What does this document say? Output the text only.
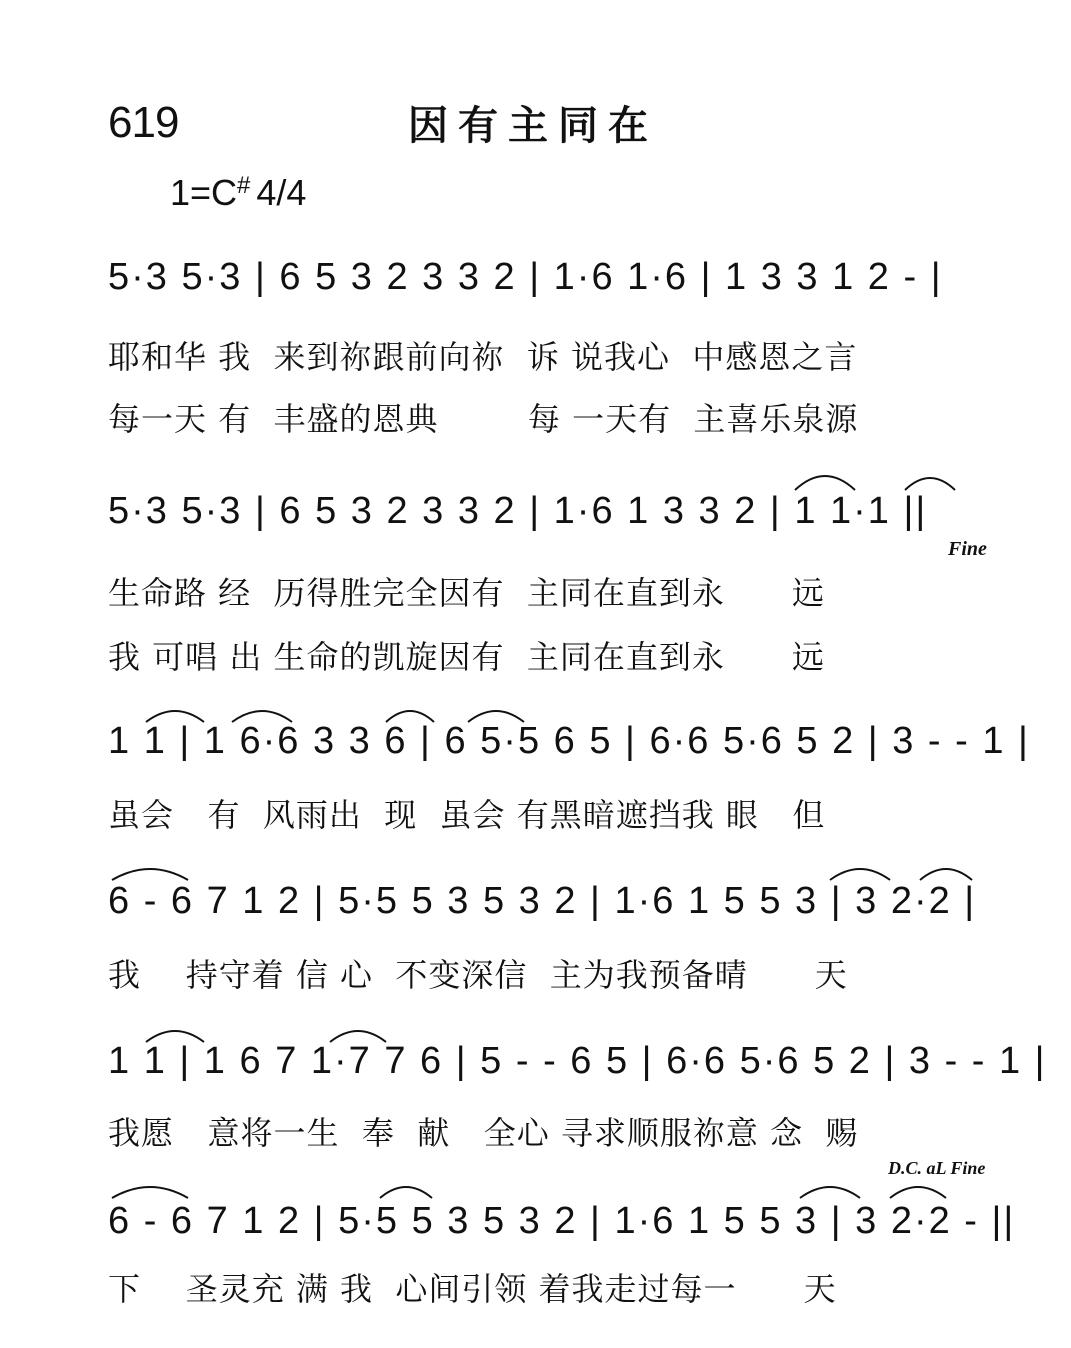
619	因有主同在
1=C# 4/4
5·3 5·3 | 6 5 3 2 3 3 2 | 1·6 1·6 | 1 3 3 1 2 - |
耶和华 我  来到祢跟前向祢  诉 说我心  中感恩之言
每一天 有  丰盛的恩典        每 一天有  主喜乐泉源
5·3 5·3 | 6 5 3 2 3 3 2 | 1·6 1 3 3 2 | 1 1·1 ||
Fine
生命路 经  历得胜完全因有  主同在直到永      远
我 可唱 出 生命的凯旋因有  主同在直到永      远
1 1 | 1 6·6 3 3 6 | 6 5·5 6 5 | 6·6 5·6 5 2 | 3 - - 1 |
虽会   有  风雨出  现  虽会 有黑暗遮挡我 眼   但
6 - 6 7 1 2 | 5·5 5 3 5 3 2 | 1·6 1 5 5 3 | 3 2·2 |
我    持守着 信 心  不变深信  主为我预备晴      天
1 1 | 1 6 7 1·7 7 6 | 5 - - 6 5 | 6·6 5·6 5 2 | 3 - - 1 |
我愿   意将一生  奉  献   全心 寻求顺服祢意 念  赐
D.C. aL Fine
6 - 6 7 1 2 | 5·5 5 3 5 3 2 | 1·6 1 5 5 3 | 3 2·2 - ||
下    圣灵充 满 我  心间引领 着我走过每一      天
